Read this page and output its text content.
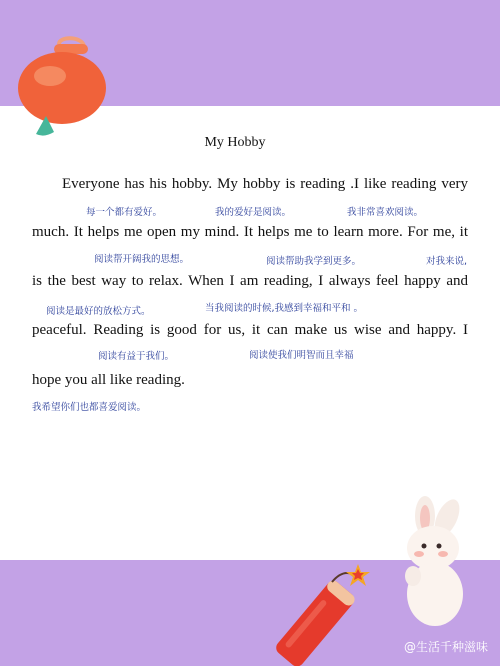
My Hobby
Everyone has his hobby. My hobby is reading .I like reading very
每一个都有爱好。	我的爱好是阅读。	我非常喜欢阅读。
much. It helps me open my mind. It helps me to learn more. For me, it
阅读帮开阔我的思想。	阅读帮助我学到更多。	对我来说,
is the best way to relax. When I am reading, I always feel happy and
阅读是最好的放松方式。	当我阅读的时候,我感到幸福和平和 。
peaceful. Reading is good for us, it can make us wise and happy. I
阅读有益于我们。	阅读使我们明智而且幸福
hope you all like reading.
我希望你们也都喜爱阅读。
@生活千种滋味
